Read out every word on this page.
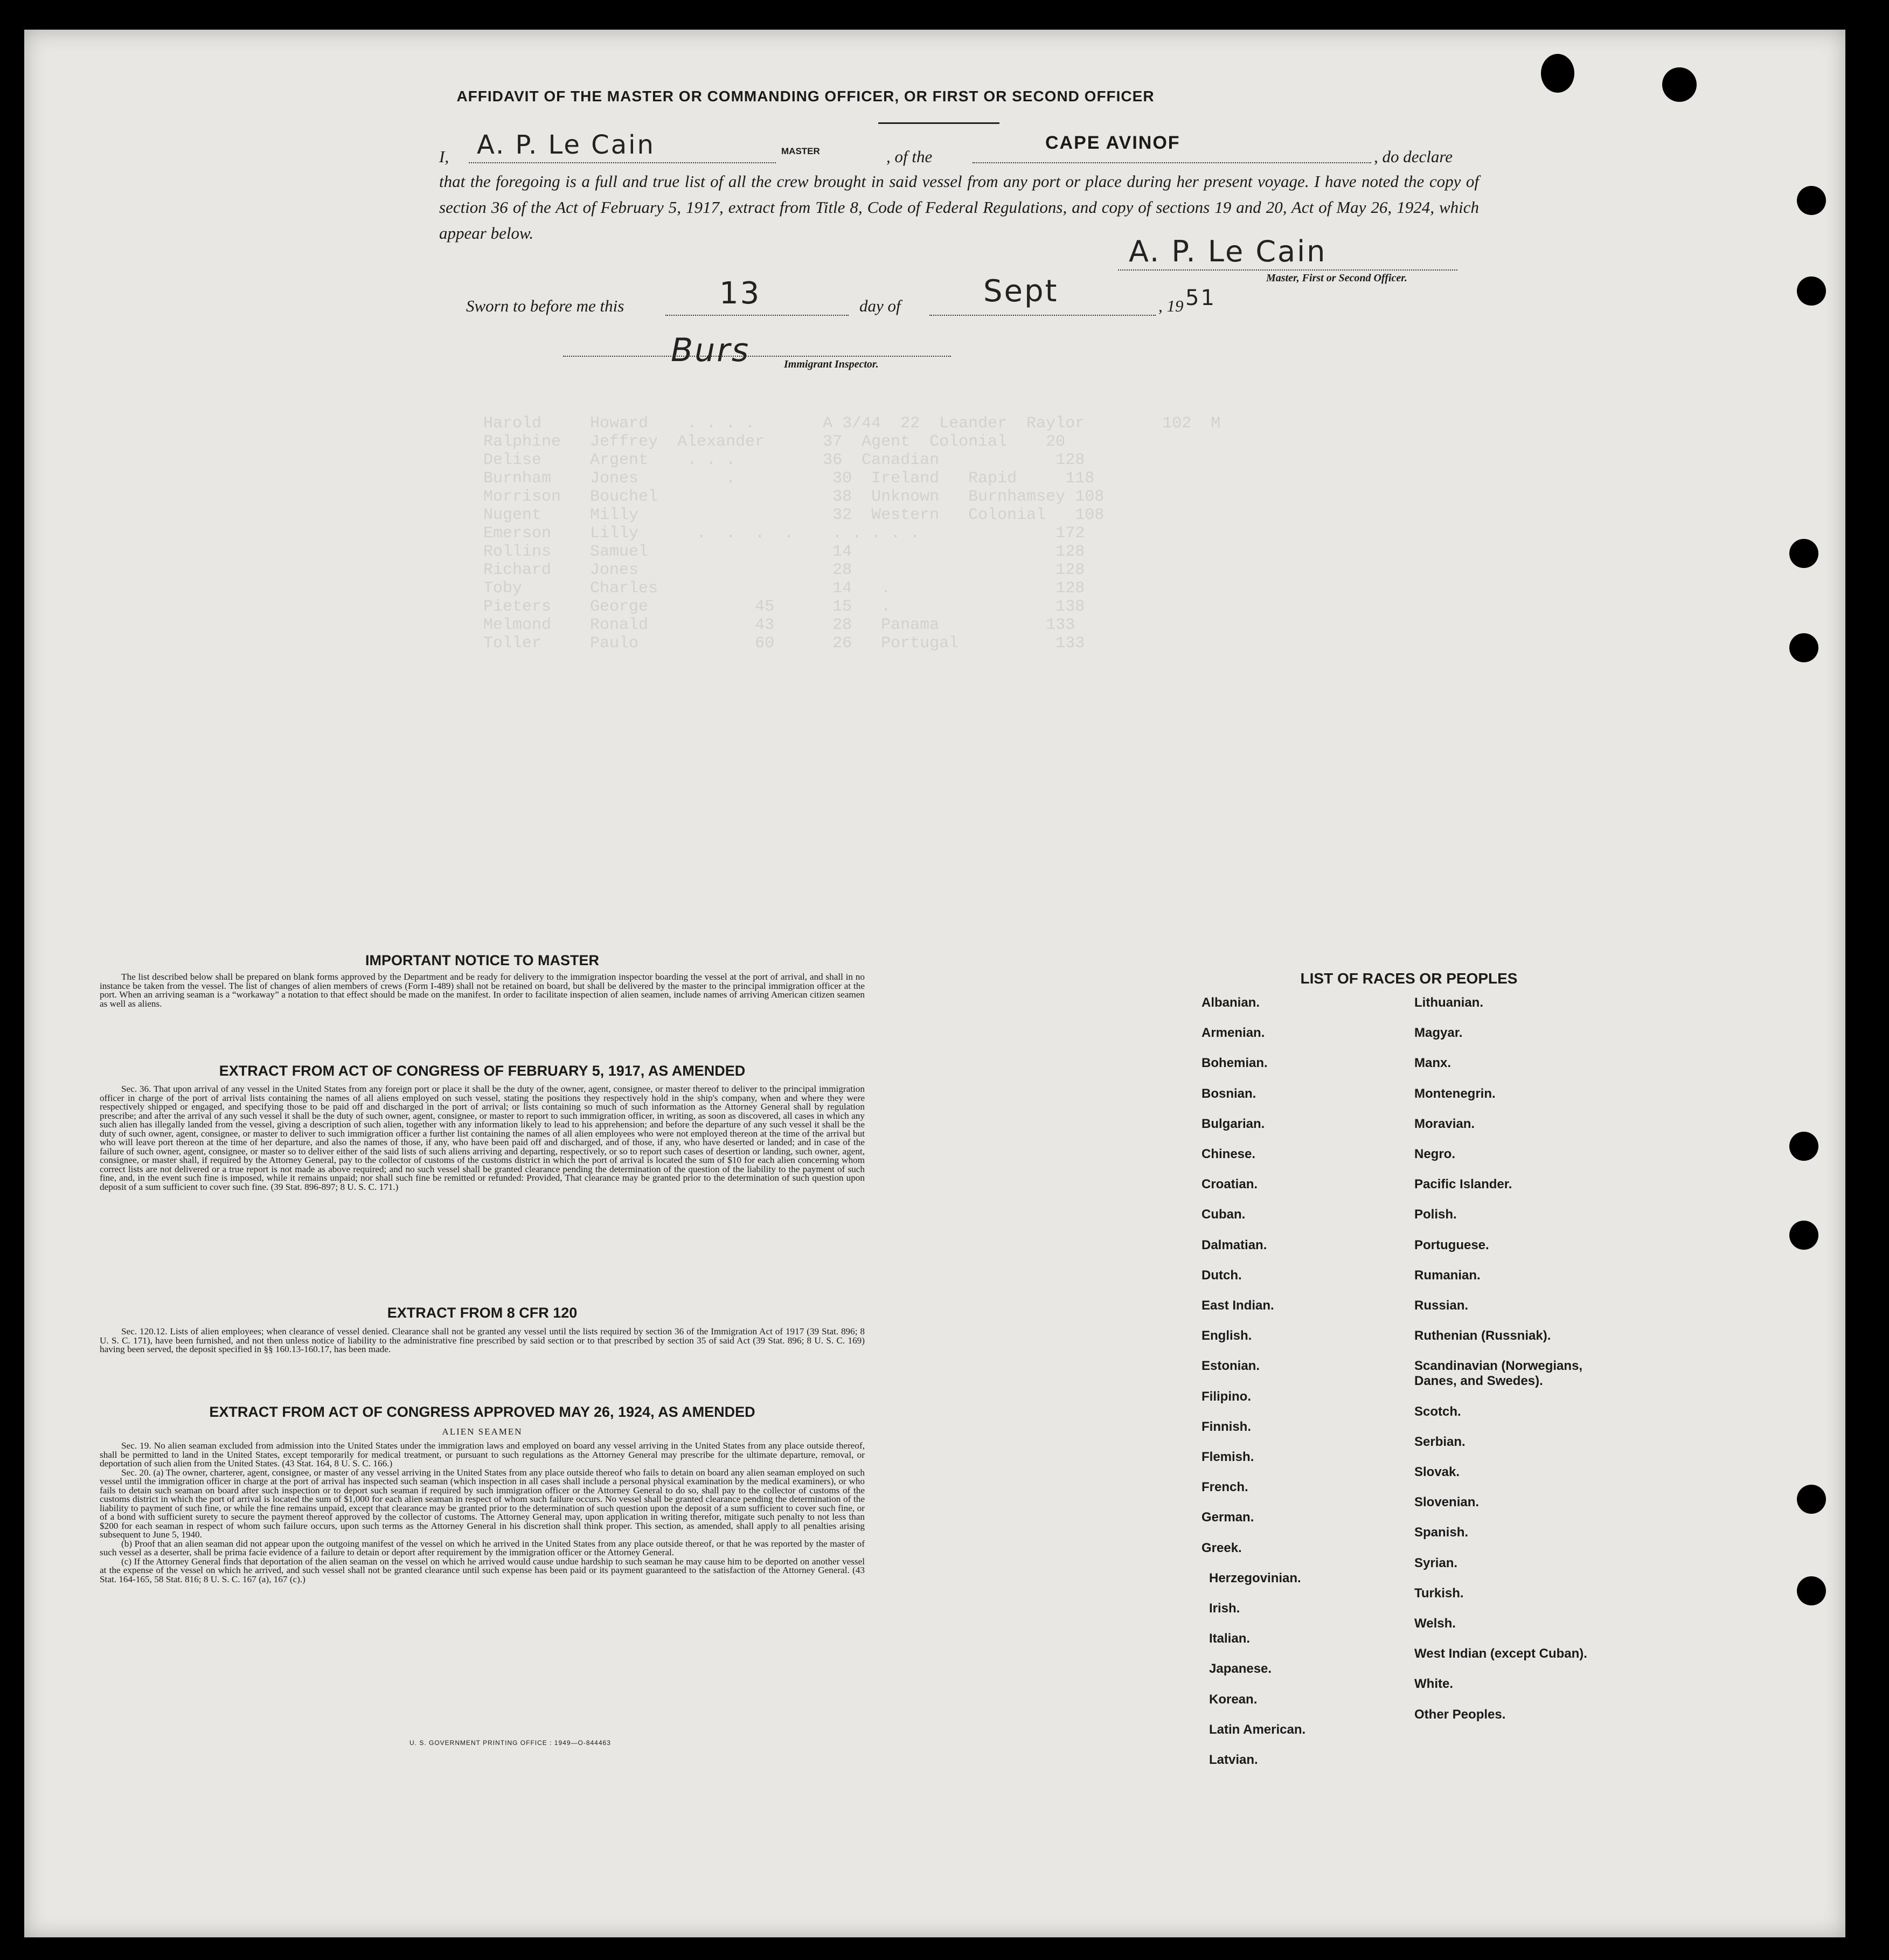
Harold     Howard    . . . .       A 3/44  22  Leander  Raylor        102  M
Ralphine   Jeffrey  Alexander      37  Agent  Colonial    20
Delise     Argent    . . .         36  Canadian            128
Burnham    Jones         .          30  Ireland   Rapid     118
Morrison   Bouchel                  38  Unknown   Burnhamsey 108
Nugent     Milly                    32  Western   Colonial   108
Emerson    Lilly      .  .  .  .    . . . . .              172
Rollins    Samuel                   14                     128
Richard    Jones                    28                     128
Toby       Charles                  14   .                 128
Pieters    George           45      15   .                 138
Melmond    Ronald           43      28   Panama           133
Toller     Paulo            60      26   Portugal          133

AFFIDAVIT OF THE MASTER OR COMMANDING OFFICER, OR FIRST OR SECOND OFFICER
I, A. P. Le Cain	MASTER	, of the
CAPE AVINOF
, do declare
that the foregoing is a full and true list of all the crew brought in said vessel from any port or place during her present voyage. I have noted the copy of section 36 of the Act of February 5, 1917, extract from Title 8, Code of Federal Regulations, and copy of sections 19 and 20, Act of May 26, 1924, which appear below.
A. P. Le Cain
Master, First or Second Officer.
Sworn to before me this	13	day of	Sept	, 19 51
Burs	Immigrant Inspector.
IMPORTANT NOTICE TO MASTER

The list described below shall be prepared on blank forms approved by the Department and be ready for delivery to the immigration inspector boarding the vessel at the port of arrival, and shall in no instance be taken from the vessel. The list of changes of alien members of crews (Form I-489) shall not be retained on board, but shall be delivered by the master to the principal immigration officer at the port. When an arriving seaman is a “workaway” a notation to that effect should be made on the manifest. In order to facilitate inspection of alien seamen, include names of arriving American citizen seamen as well as aliens.

EXTRACT FROM ACT OF CONGRESS OF FEBRUARY 5, 1917, AS AMENDED

Sec. 36. That upon arrival of any vessel in the United States from any foreign port or place it shall be the duty of the owner, agent, consignee, or master thereof to deliver to the principal immigration officer in charge of the port of arrival lists containing the names of all aliens employed on such vessel, stating the positions they respectively hold in the ship's company, when and where they were respectively shipped or engaged, and specifying those to be paid off and discharged in the port of arrival; or lists containing so much of such information as the Attorney General shall by regulation prescribe; and after the arrival of any such vessel it shall be the duty of such owner, agent, consignee, or master to report to such immigration officer, in writing, as soon as discovered, all cases in which any such alien has illegally landed from the vessel, giving a description of such alien, together with any information likely to lead to his apprehension; and before the departure of any such vessel it shall be the duty of such owner, agent, consignee, or master to deliver to such immigration officer a further list containing the names of all alien employees who were not employed thereon at the time of the arrival but who will leave port thereon at the time of her departure, and also the names of those, if any, who have been paid off and discharged, and of those, if any, who have deserted or landed; and in case of the failure of such owner, agent, consignee, or master so to deliver either of the said lists of such aliens arriving and departing, respectively, or so to report such cases of desertion or landing, such owner, agent, consignee, or master shall, if required by the Attorney General, pay to the collector of customs of the customs district in which the port of arrival is located the sum of $10 for each alien concerning whom correct lists are not delivered or a true report is not made as above required; and no such vessel shall be granted clearance pending the determination of the question of the liability to the payment of such fine, and, in the event such fine is imposed, while it remains unpaid; nor shall such fine be remitted or refunded: Provided, That clearance may be granted prior to the determination of such question upon deposit of a sum sufficient to cover such fine. (39 Stat. 896-897; 8 U. S. C. 171.)

EXTRACT FROM 8 CFR 120

Sec. 120.12. Lists of alien employees; when clearance of vessel denied. Clearance shall not be granted any vessel until the lists required by section 36 of the Immigration Act of 1917 (39 Stat. 896; 8 U. S. C. 171), have been furnished, and not then unless notice of liability to the administrative fine prescribed by said section or to that prescribed by section 35 of said Act (39 Stat. 896; 8 U. S. C. 169) having been served, the deposit specified in §§ 160.13-160.17, has been made.

EXTRACT FROM ACT OF CONGRESS APPROVED MAY 26, 1924, AS AMENDED
ALIEN SEAMEN

Sec. 19. No alien seaman excluded from admission into the United States under the immigration laws and employed on board any vessel arriving in the United States from any place outside thereof, shall be permitted to land in the United States, except temporarily for medical treatment, or pursuant to such regulations as the Attorney General may prescribe for the ultimate departure, removal, or deportation of such alien from the United States. (43 Stat. 164, 8 U. S. C. 166.)

Sec. 20. (a) The owner, charterer, agent, consignee, or master of any vessel arriving in the United States from any place outside thereof who fails to detain on board any alien seaman employed on such vessel until the immigration officer in charge at the port of arrival has inspected such seaman (which inspection in all cases shall include a personal physical examination by the medical examiners), or who fails to detain such seaman on board after such inspection or to deport such seaman if required by such immigration officer or the Attorney General to do so, shall pay to the collector of customs of the customs district in which the port of arrival is located the sum of $1,000 for each alien seaman in respect of whom such failure occurs. No vessel shall be granted clearance pending the determination of the liability to payment of such fine, or while the fine remains unpaid, except that clearance may be granted prior to the determination of such question upon the deposit of a sum sufficient to cover such fine, or of a bond with sufficient surety to secure the payment thereof approved by the collector of customs. The Attorney General may, upon application in writing therefor, mitigate such penalty to not less than $200 for each seaman in respect of whom such failure occurs, upon such terms as the Attorney General in his discretion shall think proper. This section, as amended, shall apply to all penalties arising subsequent to June 5, 1940.

(b) Proof that an alien seaman did not appear upon the outgoing manifest of the vessel on which he arrived in the United States from any place outside thereof, or that he was reported by the master of such vessel as a deserter, shall be prima facie evidence of a failure to detain or deport after requirement by the immigration officer or the Attorney General.

(c) If the Attorney General finds that deportation of the alien seaman on the vessel on which he arrived would cause undue hardship to such seaman he may cause him to be deported on another vessel at the expense of the vessel on which he arrived, and such vessel shall not be granted clearance until such expense has been paid or its payment guaranteed to the satisfaction of the Attorney General. (43 Stat. 164-165, 58 Stat. 816; 8 U. S. C. 167 (a), 167 (c).)

U. S. GOVERNMENT PRINTING OFFICE : 1949—O-844463
LIST OF RACES OR PEOPLES
Albanian.
Armenian.
Bohemian.
Bosnian.
Bulgarian.
Chinese.
Croatian.
Cuban.
Dalmatian.
Dutch.
East Indian.
English.
Estonian.
Filipino.
Finnish.
Flemish.
French.
German.
Greek.
Herzegovinian.
Irish.
Italian.
Japanese.
Korean.
Latin American.
Latvian.
Lithuanian.
Magyar.
Manx.
Montenegrin.
Moravian.
Negro.
Pacific Islander.
Polish.
Portuguese.
Rumanian.
Russian.
Ruthenian (Russniak).
Scandinavian (Norwegians, Danes, and Swedes).
Scotch.
Serbian.
Slovak.
Slovenian.
Spanish.
Syrian.
Turkish.
Welsh.
West Indian (except Cuban).
White.
Other Peoples.
